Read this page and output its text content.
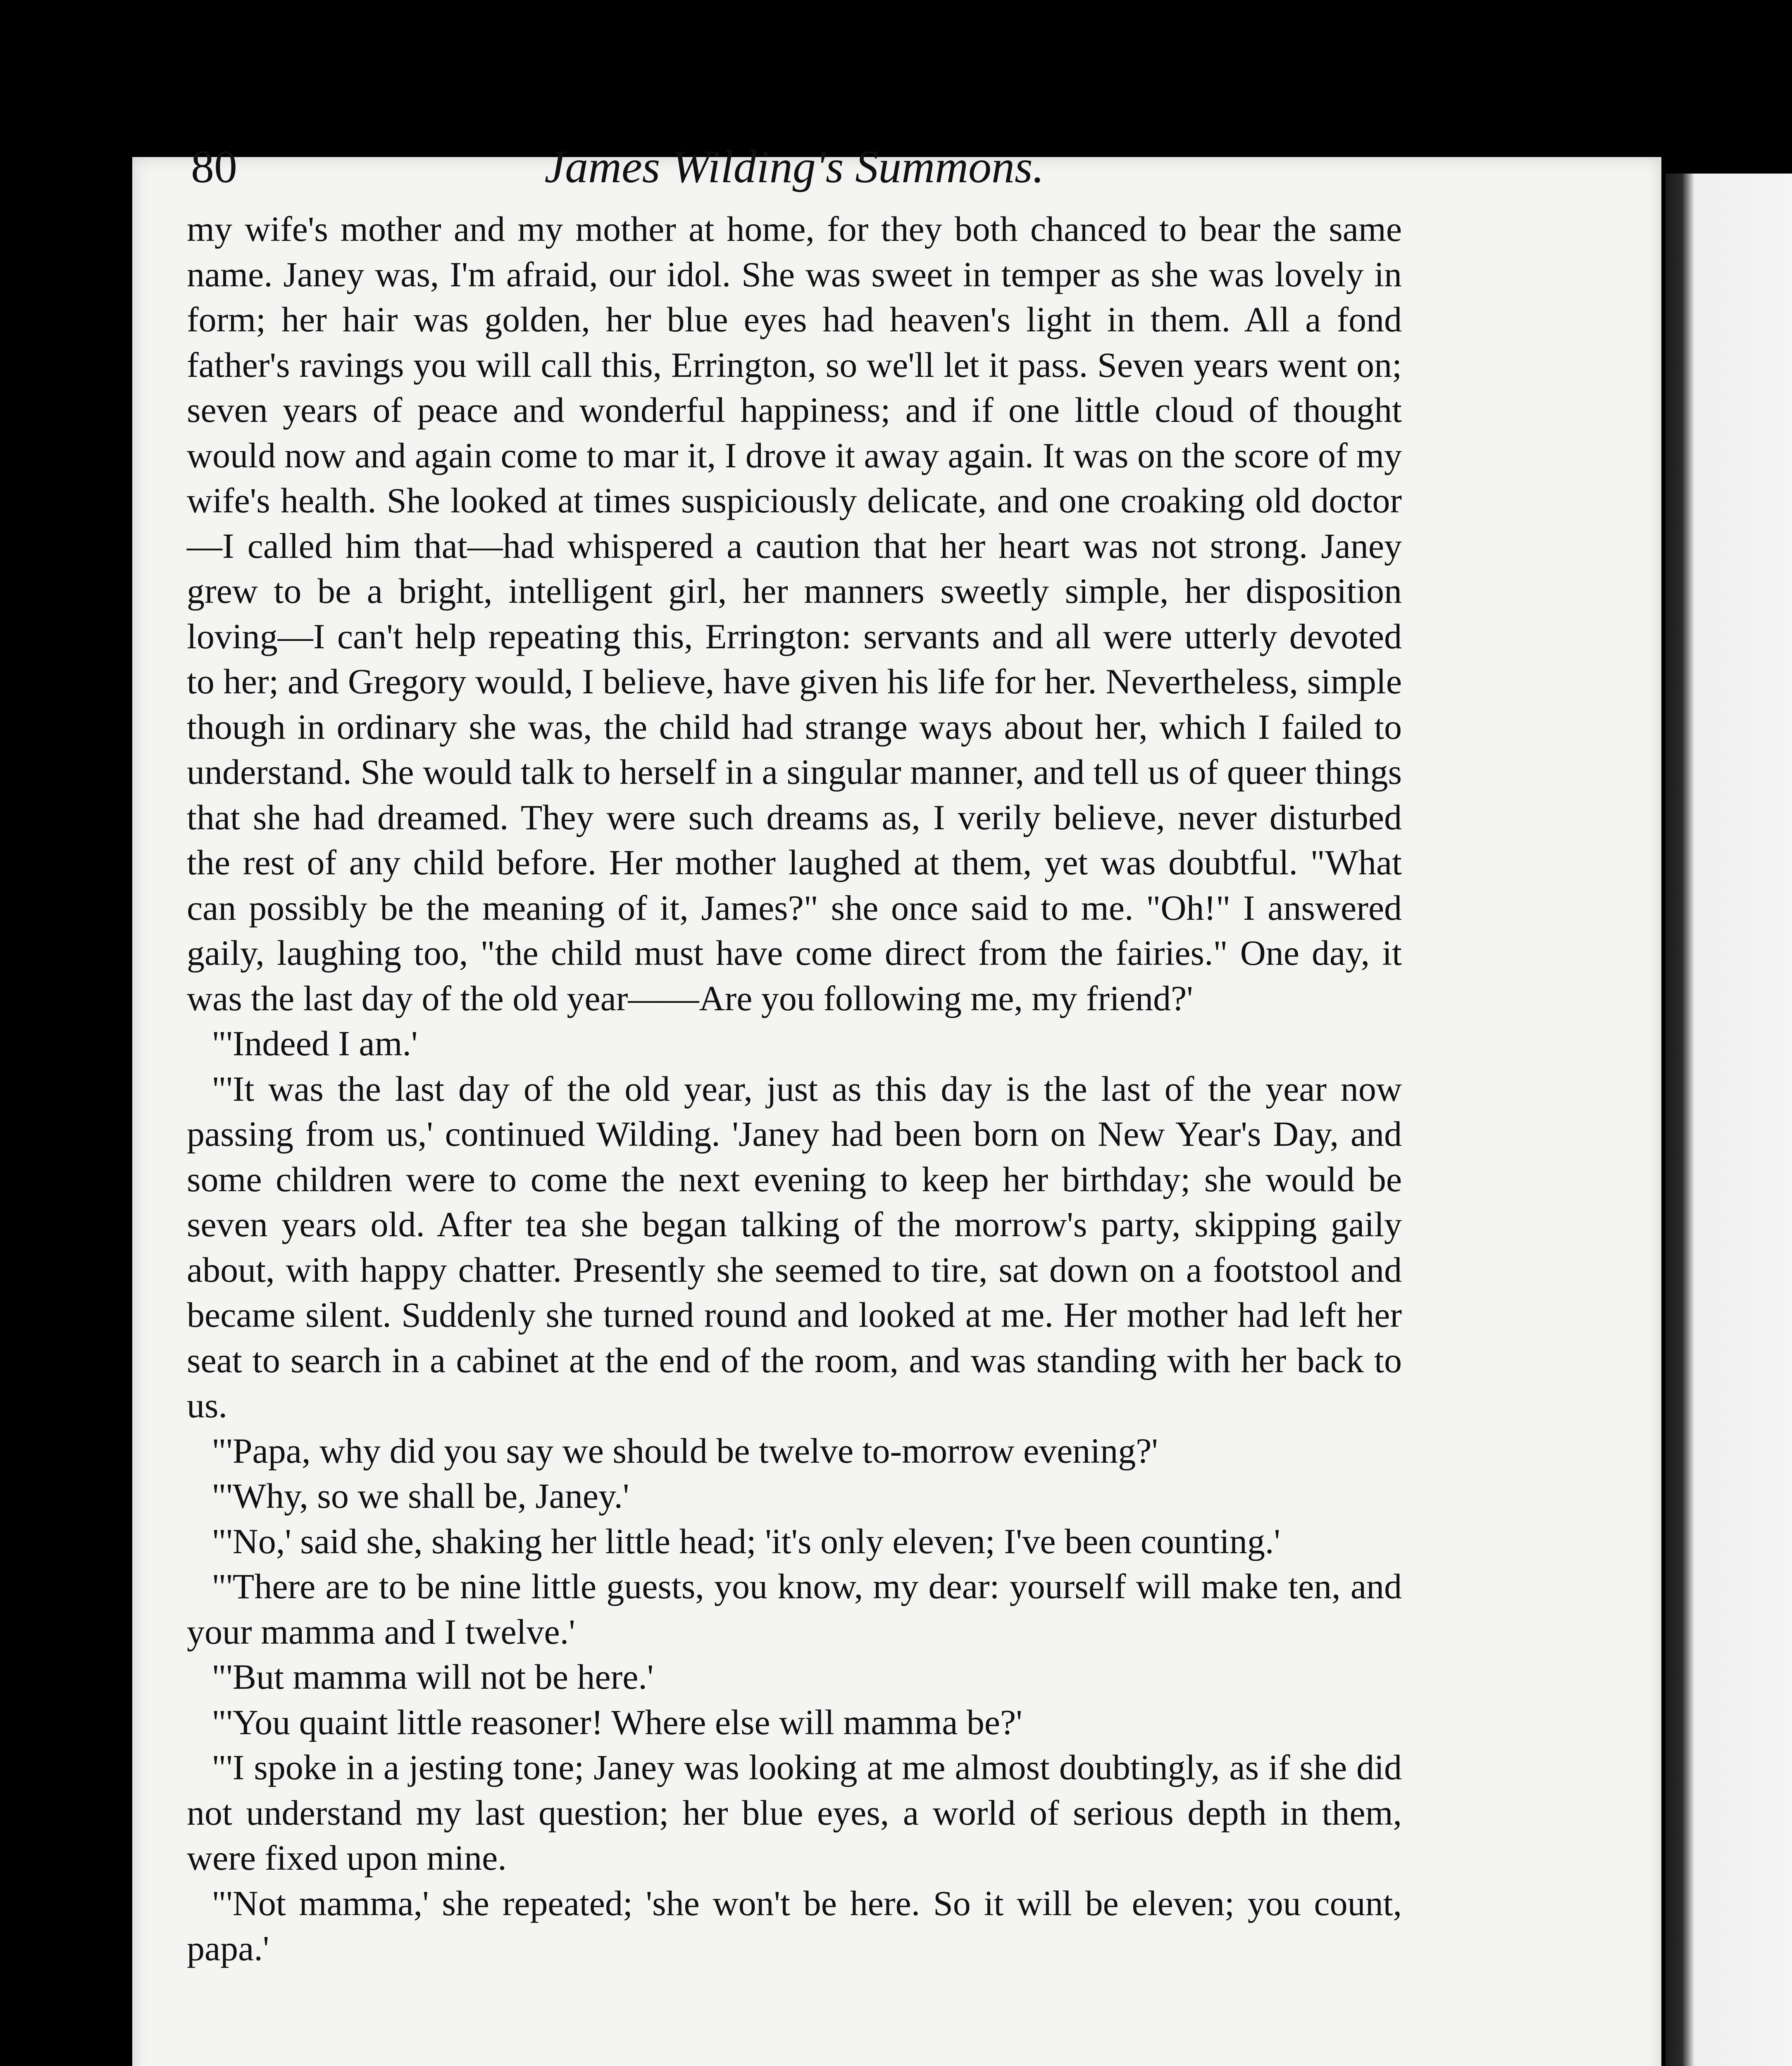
80	James Wilding's Summons.

my wife's mother and my mother at home, for they both chanced to bear the same name. Janey was, I'm afraid, our idol. She was sweet in temper as she was lovely in form; her hair was golden, her blue eyes had heaven's light in them. All a fond father's ravings you will call this, Errington, so we'll let it pass. Seven years went on; seven years of peace and wonderful happiness; and if one little cloud of thought would now and again come to mar it, I drove it away again. It was on the score of my wife's health. She looked at times suspiciously delicate, and one croaking old doctor—I called him that—had whispered a caution that her heart was not strong. Janey grew to be a bright, intelligent girl, her manners sweetly simple, her disposition loving—I can't help repeating this, Errington: servants and all were utterly devoted to her; and Gregory would, I believe, have given his life for her. Nevertheless, simple though in ordinary she was, the child had strange ways about her, which I failed to understand. She would talk to herself in a singular manner, and tell us of queer things that she had dreamed. They were such dreams as, I verily believe, never disturbed the rest of any child before. Her mother laughed at them, yet was doubtful. "What can possibly be the meaning of it, James?" she once said to me. "Oh!" I answered gaily, laughing too, "the child must have come direct from the fairies." One day, it was the last day of the old year——Are you following me, my friend?'

"'Indeed I am.'

"'It was the last day of the old year, just as this day is the last of the year now passing from us,' continued Wilding. 'Janey had been born on New Year's Day, and some children were to come the next evening to keep her birthday; she would be seven years old. After tea she began talking of the morrow's party, skipping gaily about, with happy chatter. Presently she seemed to tire, sat down on a footstool and became silent. Suddenly she turned round and looked at me. Her mother had left her seat to search in a cabinet at the end of the room, and was standing with her back to us.

"'Papa, why did you say we should be twelve to-morrow evening?'

"'Why, so we shall be, Janey.'

"'No,' said she, shaking her little head; 'it's only eleven; I've been counting.'

"'There are to be nine little guests, you know, my dear: yourself will make ten, and your mamma and I twelve.'

"'But mamma will not be here.'

"'You quaint little reasoner! Where else will mamma be?'

"'I spoke in a jesting tone; Janey was looking at me almost doubtingly, as if she did not understand my last question; her blue eyes, a world of serious depth in them, were fixed upon mine.

"'Not mamma,' she repeated; 'she won't be here. So it will be eleven; you count, papa.'
